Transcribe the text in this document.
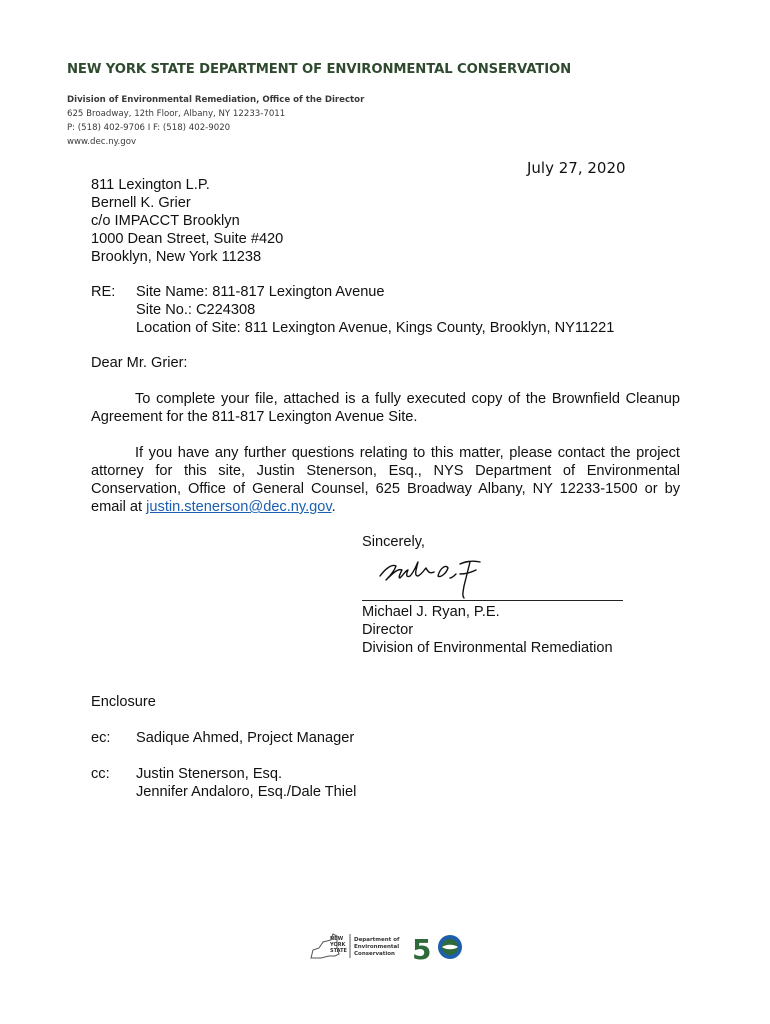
NEW YORK STATE DEPARTMENT OF ENVIRONMENTAL CONSERVATION
Division of Environmental Remediation, Office of the Director
625 Broadway, 12th Floor, Albany, NY 12233-7011
P: (518) 402-9706 I F: (518) 402-9020
www.dec.ny.gov
July 27, 2020
811 Lexington L.P.
Bernell K. Grier
c/o IMPACCT Brooklyn
1000 Dean Street, Suite #420
Brooklyn, New York 11238
RE: Site Name: 811-817 Lexington Avenue
Site No.: C224308
Location of Site: 811 Lexington Avenue, Kings County, Brooklyn, NY11221
Dear Mr. Grier:
To complete your file, attached is a fully executed copy of the Brownfield Cleanup Agreement for the 811-817 Lexington Avenue Site.
If you have any further questions relating to this matter, please contact the project attorney for this site, Justin Stenerson, Esq., NYS Department of Environmental Conservation, Office of General Counsel, 625 Broadway Albany, NY 12233-1500 or by email at justin.stenerson@dec.ny.gov.
Sincerely,
Michael J. Ryan, P.E.
Director
Division of Environmental Remediation
Enclosure
ec: Sadique Ahmed, Project Manager
cc: Justin Stenerson, Esq.
Jennifer Andaloro, Esq./Dale Thiel
NEW
YORK
STATE
Department of
Environmental
Conservation 5
